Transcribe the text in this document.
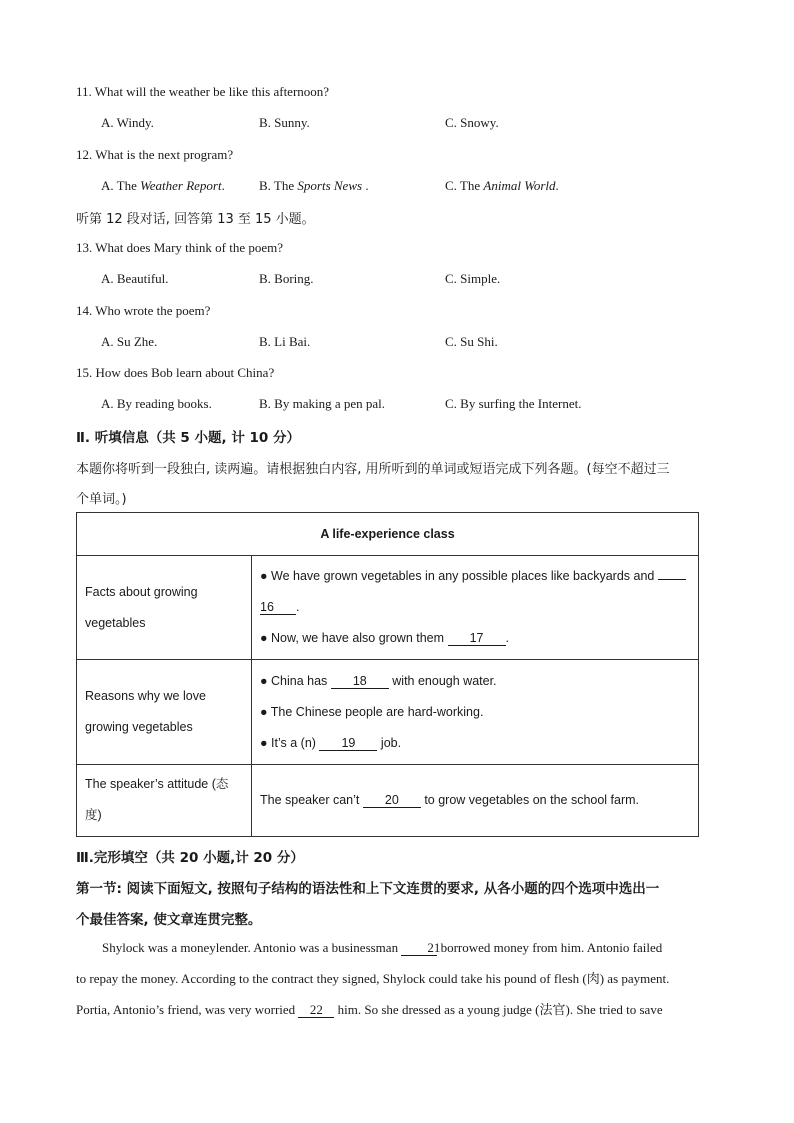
11. What will the weather be like this afternoon?
A. Windy.	B. Sunny.	C. Snowy.
12. What is the next program?
A. The Weather Report.	B. The Sports News .	C. The Animal World.
听第 12 段对话, 回答第 13 至 15 小题。
13. What does Mary think of the poem?
A. Beautiful.	B. Boring.	C. Simple.
14. Who wrote the poem?
A. Su Zhe.	B. Li Bai.	C. Su Shi.
15. How does Bob learn about China?
A. By reading books.	B. By making a pen pal.	C. By surfing the Internet.
Ⅱ. 听填信息（共 5 小题, 计 10 分）
本题你将听到一段独白, 读两遍。请根据独白内容, 用所听到的单词或短语完成下列各题。(每空不超过三
个单词。)
A life-experience class	
Facts about growing vegetables	● We have grown vegetables in any possible places like backyards and
16 .
● Now, we have also grown them 17 .

Reasons why we love growing vegetables	● China has 18 with enough water.
● The Chinese people are hard-working.
● It’s a (n) 19 job.

The speaker’s attitude (态度)	The speaker can’t 20 to grow vegetables on the school farm.
Ⅲ.完形填空（共 20 小题,计 20 分）
第一节: 阅读下面短文, 按照句子结构的语法性和上下文连贯的要求, 从各小题的四个选项中选出一
个最佳答案, 使文章连贯完整。
Shylock was a moneylender. Antonio was a businessman 21 borrowed money from him. Antonio failed
to repay the money. According to the contract they signed, Shylock could take his pound of flesh (肉) as payment.
Portia, Antonio’s friend, was very worried 22 him. So she dressed as a young judge (法官). She tried to save
